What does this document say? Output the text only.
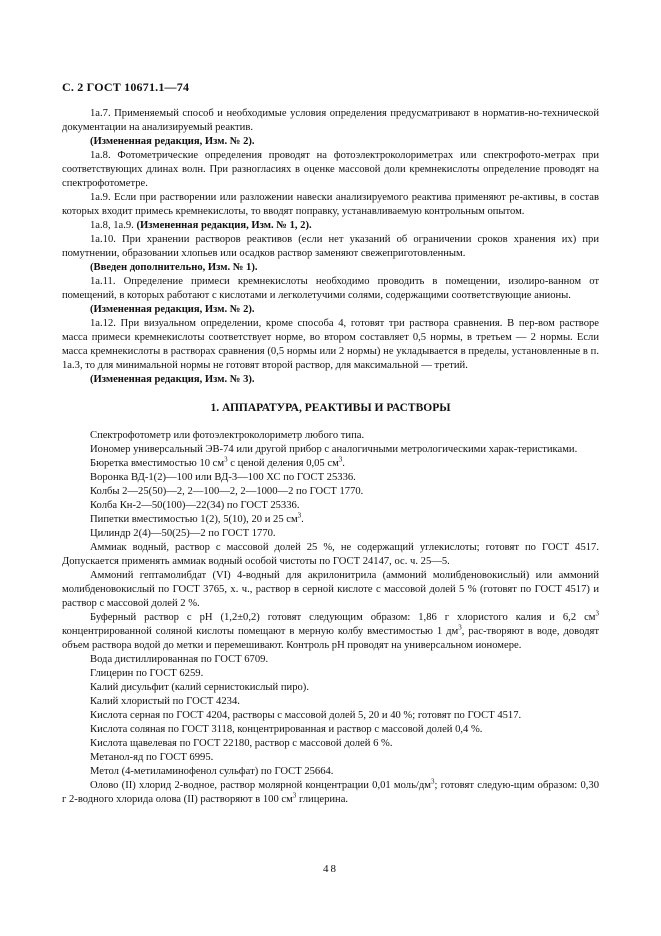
С. 2 ГОСТ 10671.1—74

1а.7. Применяемый способ и необходимые условия определения предусматривают в норматив-но-технической документации на анализируемый реактив.

(Измененная редакция, Изм. № 2).

1а.8. Фотометрические определения проводят на фотоэлектроколориметрах или спектрофото-метрах при соответствующих длинах волн. При разногласиях в оценке массовой доли кремнекислоты определение проводят на спектрофотометре.

1а.9. Если при растворении или разложении навески анализируемого реактива применяют ре-активы, в состав которых входит примесь кремнекислоты, то вводят поправку, устанавливаемую контрольным опытом.

1а.8, 1а.9. (Измененная редакция, Изм. № 1, 2).

1а.10. При хранении растворов реактивов (если нет указаний об ограничении сроков хранения их) при помутнении, образовании хлопьев или осадков раствор заменяют свежеприготовленным.

(Введен дополнительно, Изм. № 1).

1а.11. Определение примеси кремнекислоты необходимо проводить в помещении, изолиро-ванном от помещений, в которых работают с кислотами и легколетучими солями, содержащими соответствующие анионы.

(Измененная редакция, Изм. № 2).

1а.12. При визуальном определении, кроме способа 4, готовят три раствора сравнения. В пер-вом растворе масса примеси кремнекислоты соответствует норме, во втором составляет 0,5 нормы, в третьем — 2 нормы. Если масса кремнекислоты в растворах сравнения (0,5 нормы или 2 нормы) не укладывается в пределы, установленные в п. 1а.3, то для минимальной нормы не готовят второй раствор, для максимальной — третий.

(Измененная редакция, Изм. № 3).

1. АППАРАТУРА, РЕАКТИВЫ И РАСТВОРЫ

Спектрофотометр или фотоэлектроколориметр любого типа.

Иономер универсальный ЭВ-74 или другой прибор с аналогичными метрологическими харак-теристиками.

Бюретка вместимостью 10 $см^3$ с ценой деления 0,05 $см^3$.

Воронка ВД-1(2)—100 или ВД-3—100 ХС по ГОСТ 25336.

Колбы 2—25(50)—2, 2—100—2, 2—1000—2 по ГОСТ 1770.

Колба Кн-2—50(100)—22(34) по ГОСТ 25336.

Пипетки вместимостью 1(2), 5(10), 20 и 25 $см^3$.

Цилиндр 2(4)—50(25)—2 по ГОСТ 1770.

Аммиак водный, раствор с массовой долей 25 %, не содержащий углекислоты; готовят по ГОСТ 4517. Допускается применять аммиак водный особой чистоты по ГОСТ 24147, ос. ч. 25—5.

Аммоний гептамолибдат (VI) 4-водный для акрилонитрила (аммоний молибденовокислый) или аммоний молибденовокислый по ГОСТ 3765, х. ч., раствор в серной кислоте с массовой долей 5 % (готовят по ГОСТ 4517) и раствор с массовой долей 2 %.

Буферный раствор с рН (1,2±0,2) готовят следующим образом: 1,86 г хлористого калия и 6,2 $см^3$ концентрированной соляной кислоты помещают в мерную колбу вместимостью 1 $дм^3$, рас-творяют в воде, доводят объем раствора водой до метки и перемешивают. Контроль рН проводят на универсальном иономере.

Вода дистиллированная по ГОСТ 6709.

Глицерин по ГОСТ 6259.

Калий дисульфит (калий сернистокислый пиро).

Калий хлористый по ГОСТ 4234.

Кислота серная по ГОСТ 4204, растворы с массовой долей 5, 20 и 40 %; готовят по ГОСТ 4517.

Кислота соляная по ГОСТ 3118, концентрированная и раствор с массовой долей 0,4 %.

Кислота щавелевая по ГОСТ 22180, раствор с массовой долей 6 %.

Метанол-яд по ГОСТ 6995.

Метол (4-метиламинофенол сульфат) по ГОСТ 25664.

Олово (II) хлорид 2-водное, раствор молярной концентрации 0,01 моль/$дм^3$; готовят следую-щим образом: 0,30 г 2-водного хлорида олова (II) растворяют в 100 $см^3$ глицерина.

48
